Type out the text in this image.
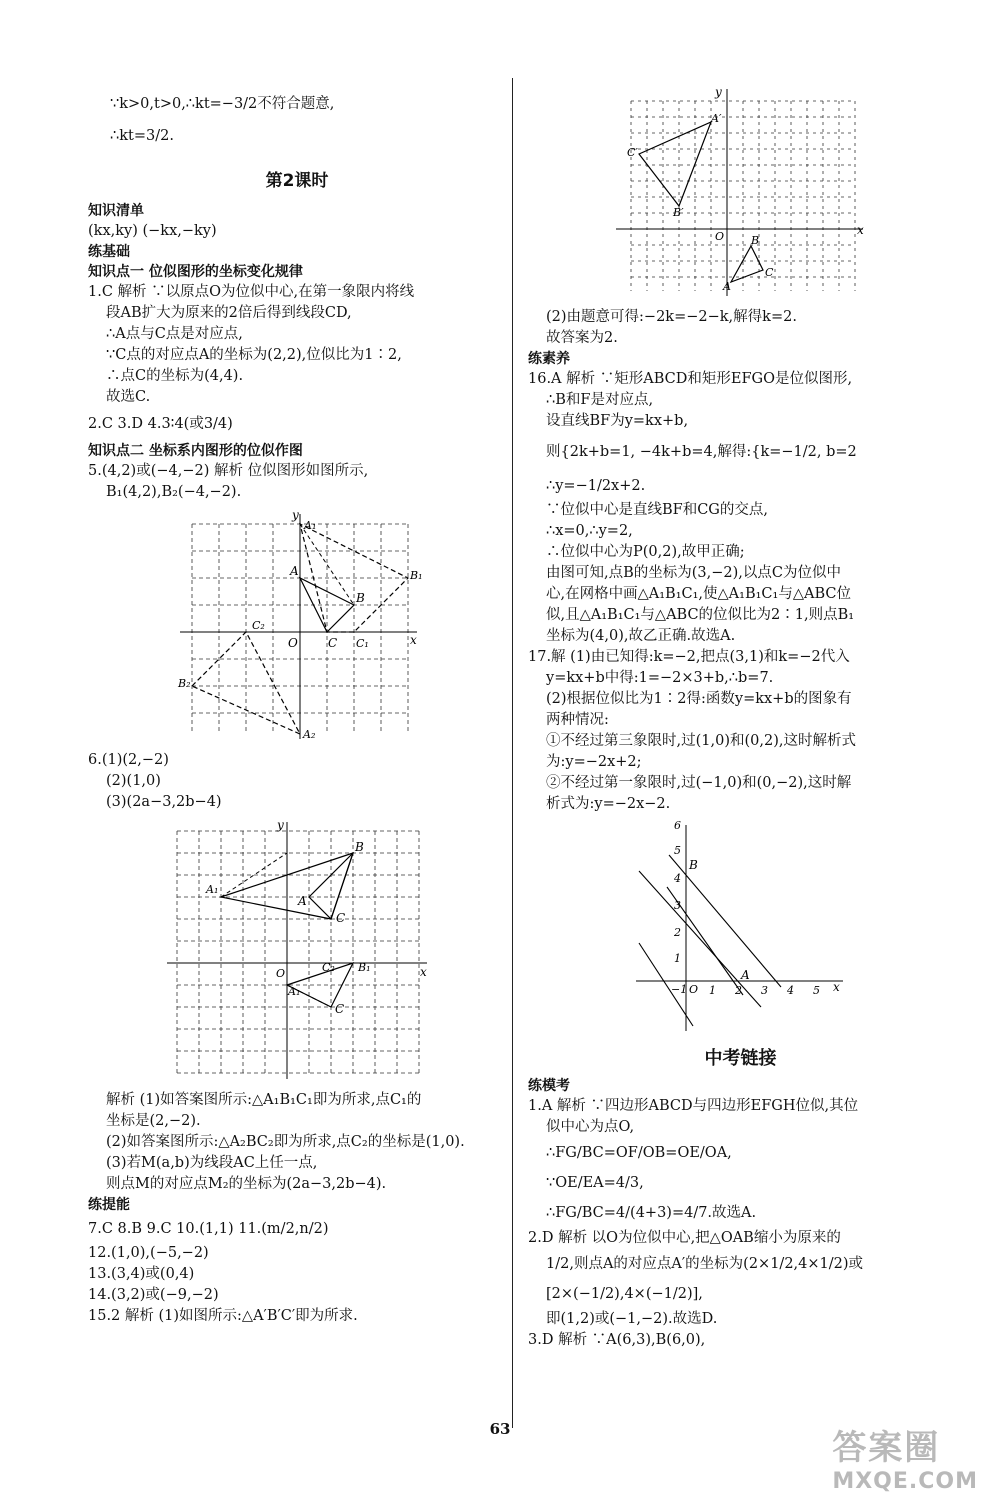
∵k>0,t>0,∴kt=−3/2不符合题意,
∴kt=3/2.
第2课时
知识清单
(kx,ky) (−kx,−ky)
练基础
知识点一 位似图形的坐标变化规律
1.C 解析 ∵以原点O为位似中心,在第一象限内将线
段AB扩大为原来的2倍后得到线段CD,
∴A点与C点是对应点,
∵C点的对应点A的坐标为(2,2),位似比为1∶2,
∴点C的坐标为(4,4).
故选C.
2.C 3.D 4.3∶4(或3/4)
知识点二 坐标系内图形的位似作图
5.(4,2)或(−4,−2) 解析 位似图形如图所示,
B₁(4,2),B₂(−4,−2).
y
x
O
A
B
C C₁
B₁
A₁
C₂
B₂
A₂
6.(1)(2,−2)
(2)(1,0)
(3)(2a−3,2b−4)
y
x
B
A
C
A₁
B₁
C₂
C
A₁
O
解析 (1)如答案图所示:△A₁B₁C₁即为所求,点C₁的
坐标是(2,−2).
(2)如答案图所示:△A₂BC₂即为所求,点C₂的坐标是(1,0).
(3)若M(a,b)为线段AC上任一点,
则点M的对应点M₂的坐标为(2a−3,2b−4).
练提能
7.C 8.B 9.C 10.(1,1) 11.(m/2,n/2)
12.(1,0),(−5,−2)
13.(3,4)或(0,4)
14.(3,2)或(−9,−2)
15.2 解析 (1)如图所示:△A′B′C′即为所求.
y
x
O
A′
C′
B′
B
C
A
(2)由题意可得:−2k=−2−k,解得k=2.
故答案为2.
练素养
16.A 解析 ∵矩形ABCD和矩形EFGO是位似图形,
∴B和F是对应点,
设直线BF为y=kx+b,
则{2k+b=1, −4k+b=4,解得:{k=−1/2, b=2
∴y=−1/2x+2.
∵位似中心是直线BF和CG的交点,
∴x=0,∴y=2,
∴位似中心为P(0,2),故甲正确;
由图可知,点B的坐标为(3,−2),以点C为位似中
心,在网格中画△A₁B₁C₁,使△A₁B₁C₁与△ABC位
似,且△A₁B₁C₁与△ABC的位似比为2∶1,则点B₁
坐标为(4,0),故乙正确.故选A.
17.解 (1)由已知得:k=−2,把点(3,1)和k=−2代入
y=kx+b中得:1=−2×3+b,∴b=7.
(2)根据位似比为1∶2得:函数y=kx+b的图象有
两种情况:
①不经过第三象限时,过(1,0)和(0,2),这时解析式
为:y=−2x+2;
②不经过第一象限时,过(−1,0)和(0,−2),这时解
析式为:y=−2x−2.
6
5
4
3
2
1
1 2 3 4 5 x
B
A
−1 O
中考链接
练模考
1.A 解析 ∵四边形ABCD与四边形EFGH位似,其位
似中心为点O,
∴FG/BC=OF/OB=OE/OA,
∵OE/EA=4/3,
∴FG/BC=4/(4+3)=4/7.故选A.
2.D 解析 以O为位似中心,把△OAB缩小为原来的
1/2,则点A的对应点A′的坐标为(2×1/2,4×1/2)或
[2×(−1/2),4×(−1/2)],
即(1,2)或(−1,−2).故选D.
3.D 解析 ∵A(6,3),B(6,0),
63	答案圈
MXQE.COM
